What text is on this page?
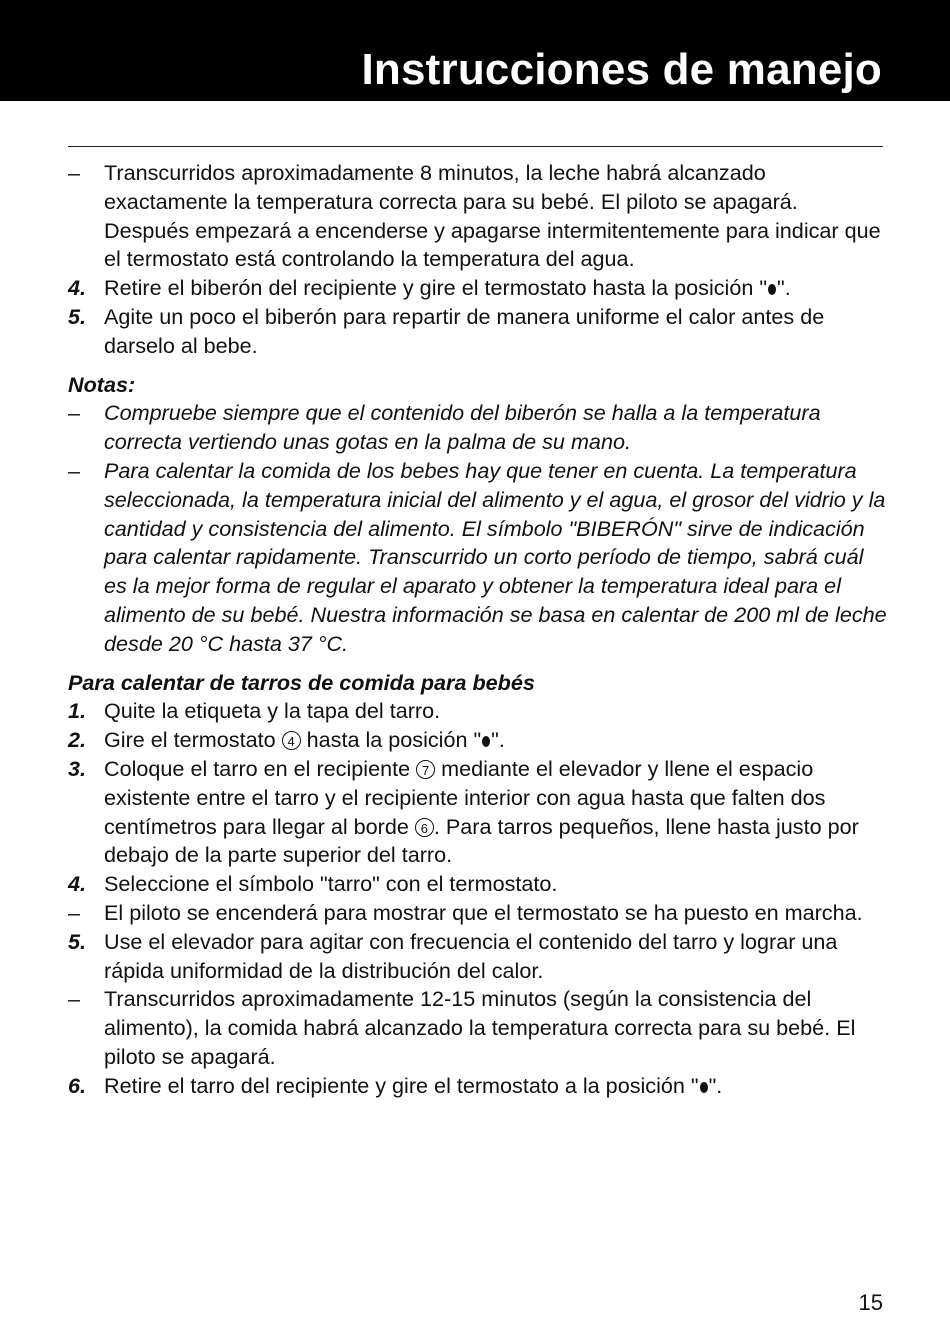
Instrucciones de manejo
–	Transcurridos aproximadamente 8 minutos, la leche habrá alcanzado exactamente la temperatura correcta para su bebé. El piloto se apagará. Después empezará a encenderse y apagarse intermitentemente para indicar que el termostato está controlando la temperatura del agua.
4. Retire el biberón del recipiente y gire el termostato hasta la posición " ".
5. Agite un poco el biberón para repartir de manera uniforme el calor antes de darselo al bebe.
Notas:
–	Compruebe siempre que el contenido del biberón se halla a la temperatura correcta vertiendo unas gotas en la palma de su mano.
–	Para calentar la comida de los bebes hay que tener en cuenta. La temperatura seleccionada, la temperatura inicial del alimento y el agua, el grosor del vidrio y la cantidad y consistencia del alimento. El símbolo "BIBERÓN" sirve de indicación para calentar rapidamente. Transcurrido un corto período de tiempo, sabrá cuál es la mejor forma de regular el aparato y obtener la temperatura ideal para el alimento de su bebé. Nuestra información se basa en calentar de 200 ml de leche desde 20 °C hasta 37 °C.
Para calentar de tarros de comida para bebés
1. Quite la etiqueta y la tapa del tarro.
2. Gire el termostato 4 hasta la posición " ".
3. Coloque el tarro en el recipiente 7 mediante el elevador y llene el espacio existente entre el tarro y el recipiente interior con agua hasta que falten dos centímetros para llegar al borde 6 . Para tarros pequeños, llene hasta justo por debajo de la parte superior del tarro.
4. Seleccione el símbolo "tarro" con el termostato.
–	El piloto se encenderá para mostrar que el termostato se ha puesto en marcha.
5. Use el elevador para agitar con frecuencia el contenido del tarro y lograr una rápida uniformidad de la distribución del calor.
–	Transcurridos aproximadamente 12-15 minutos (según la consistencia del alimento), la comida habrá alcanzado la temperatura correcta para su bebé. El piloto se apagará.
6. Retire el tarro del recipiente y gire el termostato a la posición " ".
15
